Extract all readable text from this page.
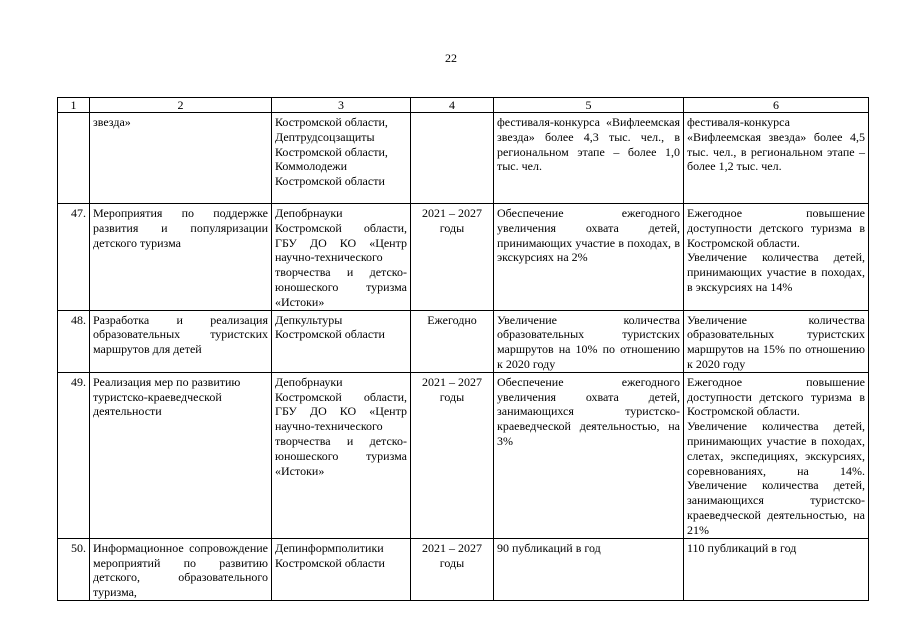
22
1	2	3	4	5	6
	звезда»	Костромской области, Дептрудсоцзащиты Костромской области, Коммолодежи Костромской области		фестиваля-конкурса «Вифлеемская звезда» более 4,3 тыс. чел., в региональном этапе – более 1,0 тыс. чел.	фестиваля-конкурса «Вифлеемская звезда» более 4,5 тыс. чел., в региональном этапе – более 1,2 тыс. чел.
47.	Мероприятия по поддержке развития и популяризации детского туризма	Депобрнауки Костромской области, ГБУ ДО КО «Центр научно-технического творчества и детско-юношеского туризма «Истоки»	2021 – 2027 годы	Обеспечение ежегодного увеличения охвата детей, принимающих участие в походах, в экскурсиях на 2%	Ежегодное повышение доступности детского туризма в Костромской области.
Увеличение количества детей, принимающих участие в походах, в экскурсиях на 14%

48.	Разработка и реализация образовательных туристских маршрутов для детей	Депкультуры Костромской области	Ежегодно	Увеличение количества образовательных туристских маршрутов на 10% по отношению к 2020 году	Увеличение количества образовательных туристских маршрутов на 15% по отношению к 2020 году
49.	Реализация мер по развитию туристско-краеведческой деятельности	Депобрнауки Костромской области, ГБУ ДО КО «Центр научно-технического творчества и детско-юношеского туризма «Истоки»	2021 – 2027 годы	Обеспечение ежегодного увеличения охвата детей, занимающихся туристско-краеведческой деятельностью, на 3%	Ежегодное повышение доступности детского туризма в Костромской области.
Увеличение количества детей, принимающих участие в походах, слетах, экспедициях, экскурсиях, соревнованиях, на 14%. Увеличение количества детей, занимающихся туристско-краеведческой деятельностью, на 21%

50.	Информационное сопровождение мероприятий по развитию детского, образовательного туризма,	Депинформполитики Костромской области	2021 – 2027 годы	90 публикаций в год	110 публикаций в год
